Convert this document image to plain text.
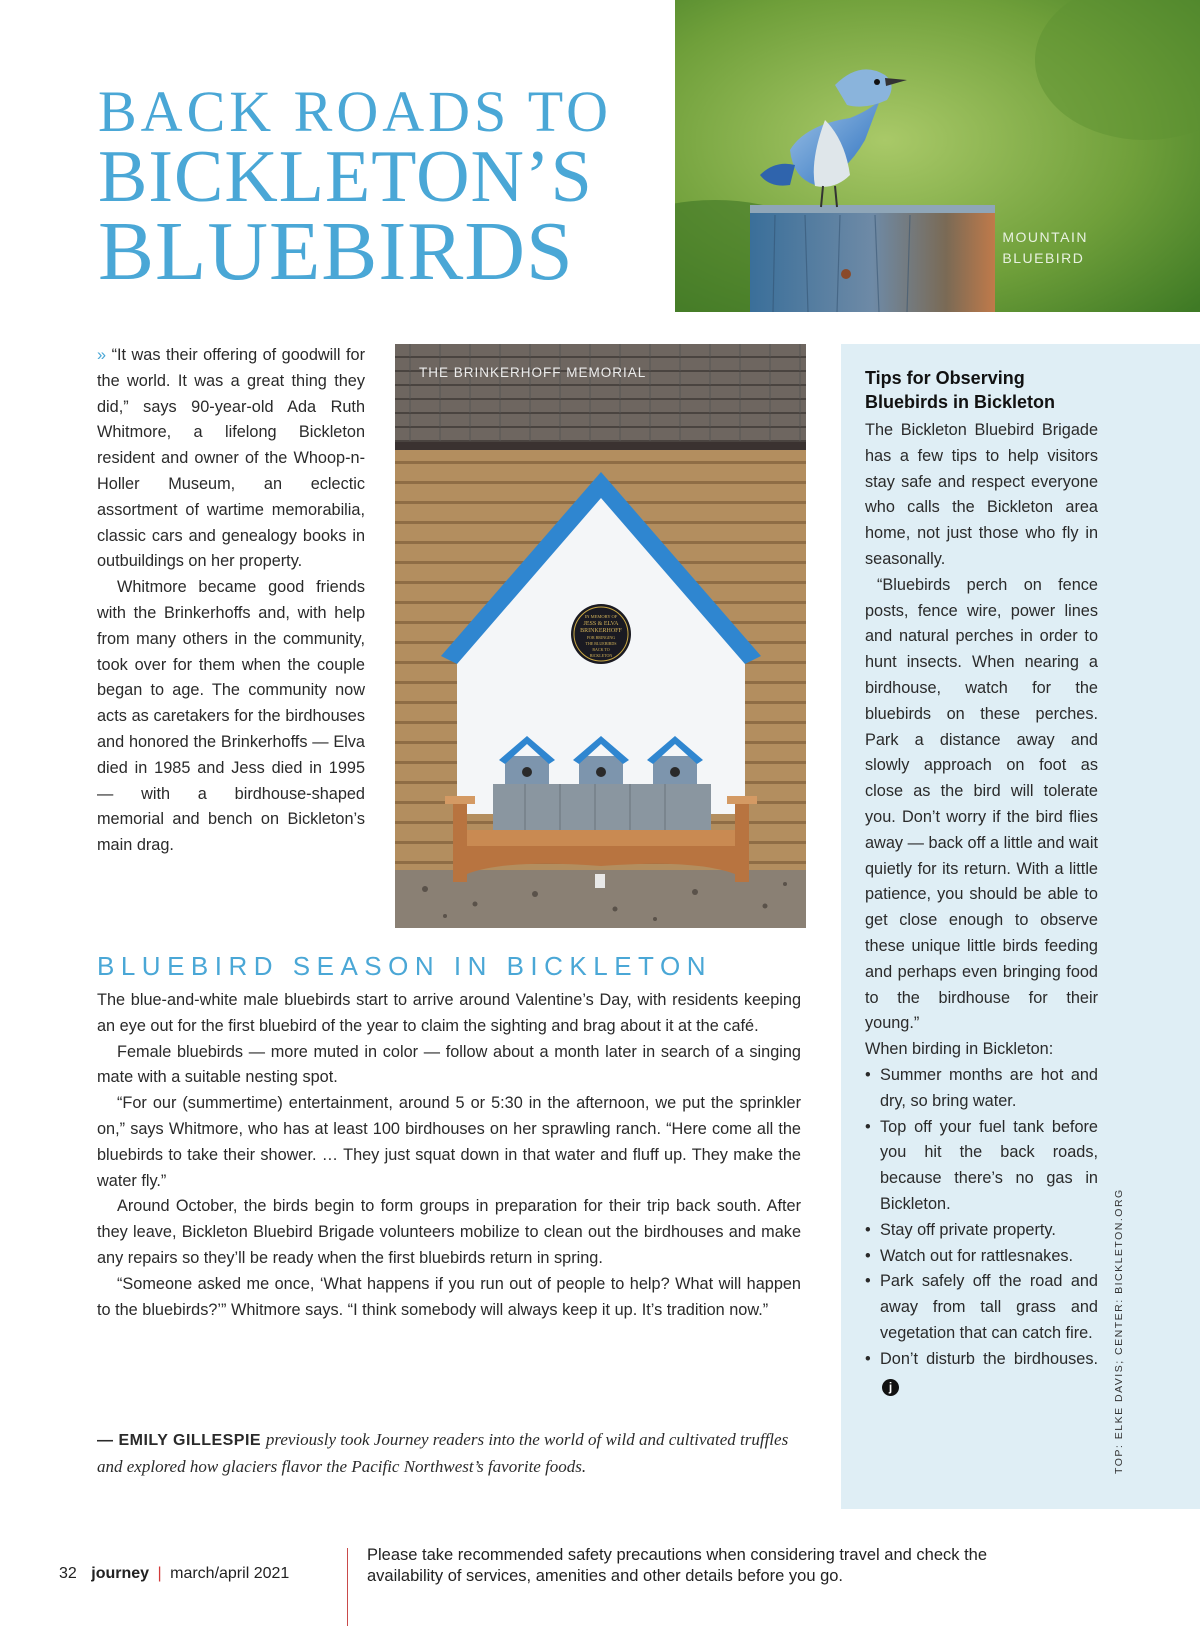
BACK ROADS TO
BICKLETON’S
BLUEBIRDS	MOUNTAIN
BLUEBIRD

» “It was their offering of goodwill for the world. It was a great thing they did,” says 90-year-old Ada Ruth Whitmore, a lifelong Bickleton resident and owner of the Whoop-n-Holler Museum, an eclectic assortment of wartime memorabilia, classic cars and genealogy books in outbuildings on her property.

Whitmore became good friends with the Brinkerhoffs and, with help from many others in the community, took over for them when the couple began to age. The community now acts as caretakers for the birdhouses and honored the Brinkerhoffs — Elva died in 1985 and Jess died in 1995 — with a birdhouse-shaped memorial and bench on Bickleton’s main drag.

IN MEMORY OF
JESS & ELVA
BRINKERHOFF
FOR BRINGING
THE BLUEBIRDS
BACK TO
BICKLETON
THE BRINKERHOFF MEMORIAL
BLUEBIRD SEASON IN BICKLETON

The blue-and-white male bluebirds start to arrive around Valentine’s Day, with residents keeping an eye out for the first bluebird of the year to claim the sighting and brag about it at the café.

Female bluebirds — more muted in color — follow about a month later in search of a singing mate with a suitable nesting spot.

“For our (summertime) entertainment, around 5 or 5:30 in the afternoon, we put the sprinkler on,” says Whitmore, who has at least 100 birdhouses on her sprawling ranch. “Here come all the bluebirds to take their shower. … They just squat down in that water and fluff up. They make the water fly.”

Around October, the birds begin to form groups in preparation for their trip back south. After they leave, Bickleton Bluebird Brigade volunteers mobilize to clean out the birdhouses and make any repairs so they’ll be ready when the first bluebirds return in spring.

“Someone asked me once, ‘What happens if you run out of people to help? What will happen to the bluebirds?’” Whitmore says. “I think somebody will always keep it up. It’s tradition now.”

— EMILY GILLESPIE previously took Journey readers into the world of wild and cultivated truffles and explored how glaciers flavor the Pacific Northwest’s favorite foods.
Tips for Observing Bluebirds in Bickleton

The Bickleton Bluebird Brigade has a few tips to help visitors stay safe and respect everyone who calls the Bickleton area home, not just those who fly in seasonally.

“Bluebirds perch on fence posts, fence wire, power lines and natural perches in order to hunt insects. When nearing a birdhouse, watch for the bluebirds on these perches. Park a distance away and slowly approach on foot as close as the bird will tolerate you. Don’t worry if the bird flies away — back off a little and wait quietly for its return. With a little patience, you should be able to get close enough to observe these unique little birds feeding and perhaps even bringing food to the birdhouse for their young.”

When birding in Bickleton:

• Summer months are hot and dry, so bring water.
• Top off your fuel tank before you hit the back roads, because there’s no gas in Bickleton.
• Stay off private property.
• Watch out for rattlesnakes.
• Park safely off the road and away from tall grass and vegetation that can catch fire.
• Don’t disturb the birdhouses. j	TOP: ELKE DAVIS; CENTER: BICKLETON.ORG
32 journey | march/april 2021
Please take recommended safety precautions when considering travel and check the availability of services, amenities and other details before you go.
